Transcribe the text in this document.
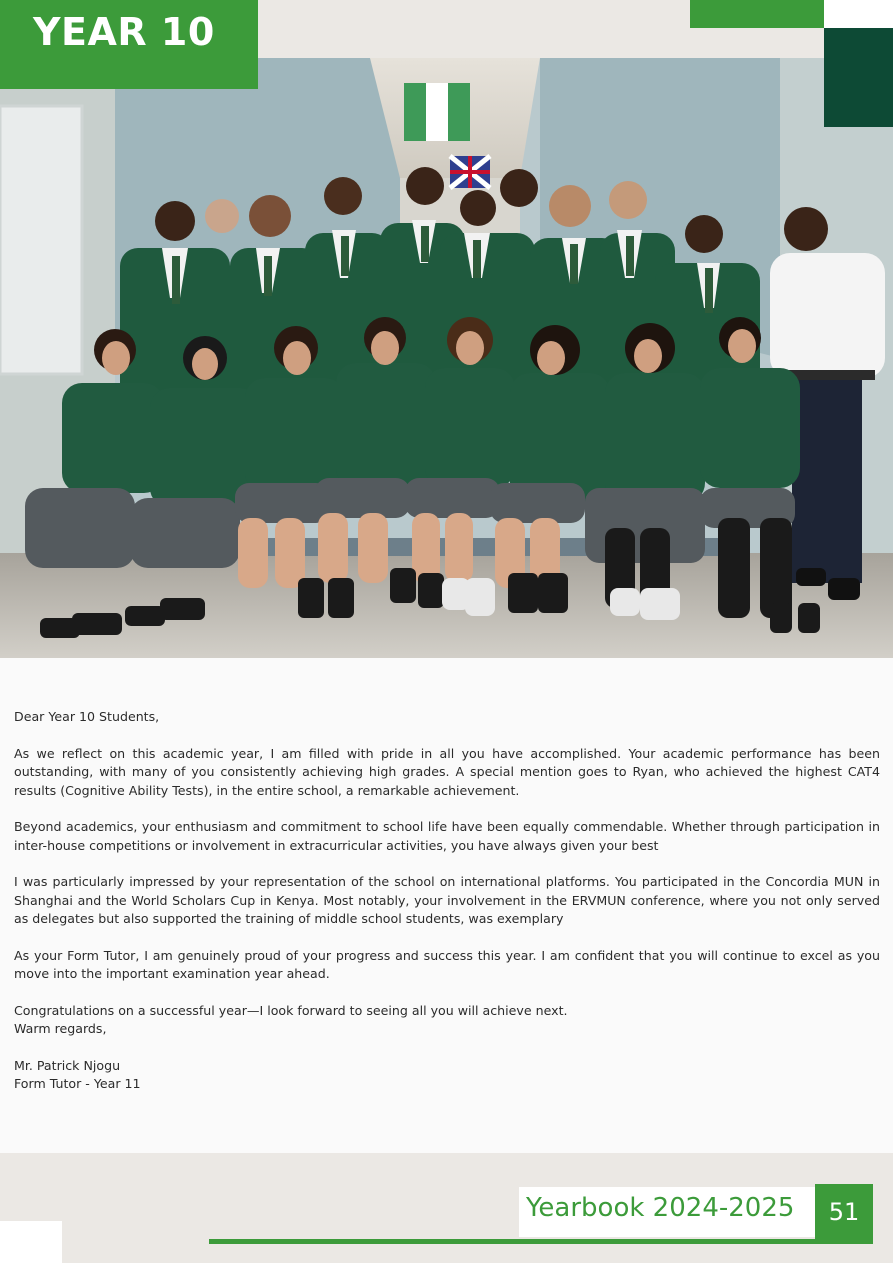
YEAR 10

Dear Year 10 Students,

As we reflect on this academic year, I am filled with pride in all you have accomplished. Your academic performance has been outstanding, with many of you consistently achieving high grades. A special mention goes to Ryan, who achieved the highest CAT4 results (Cognitive Ability Tests), in the entire school, a remarkable achievement.

Beyond academics, your enthusiasm and commitment to school life have been equally commendable. Whether through participation in inter-house competitions or involvement in extracurricular activities, you have always given your best

I was particularly impressed by your representation of the school on international platforms. You participated in the Concordia MUN in Shanghai and the World Scholars Cup in Kenya. Most notably, your involvement in the ERVMUN conference, where you not only served as delegates but also supported the training of middle school students, was exemplary

As your Form Tutor, I am genuinely proud of your progress and success this year. I am confident that you will continue to excel as you move into the important examination year ahead.

Congratulations on a successful year—I look forward to seeing all you will achieve next.

Warm regards,

Mr. Patrick Njogu

Form Tutor - Year 11

Yearbook 2024-2025	51
